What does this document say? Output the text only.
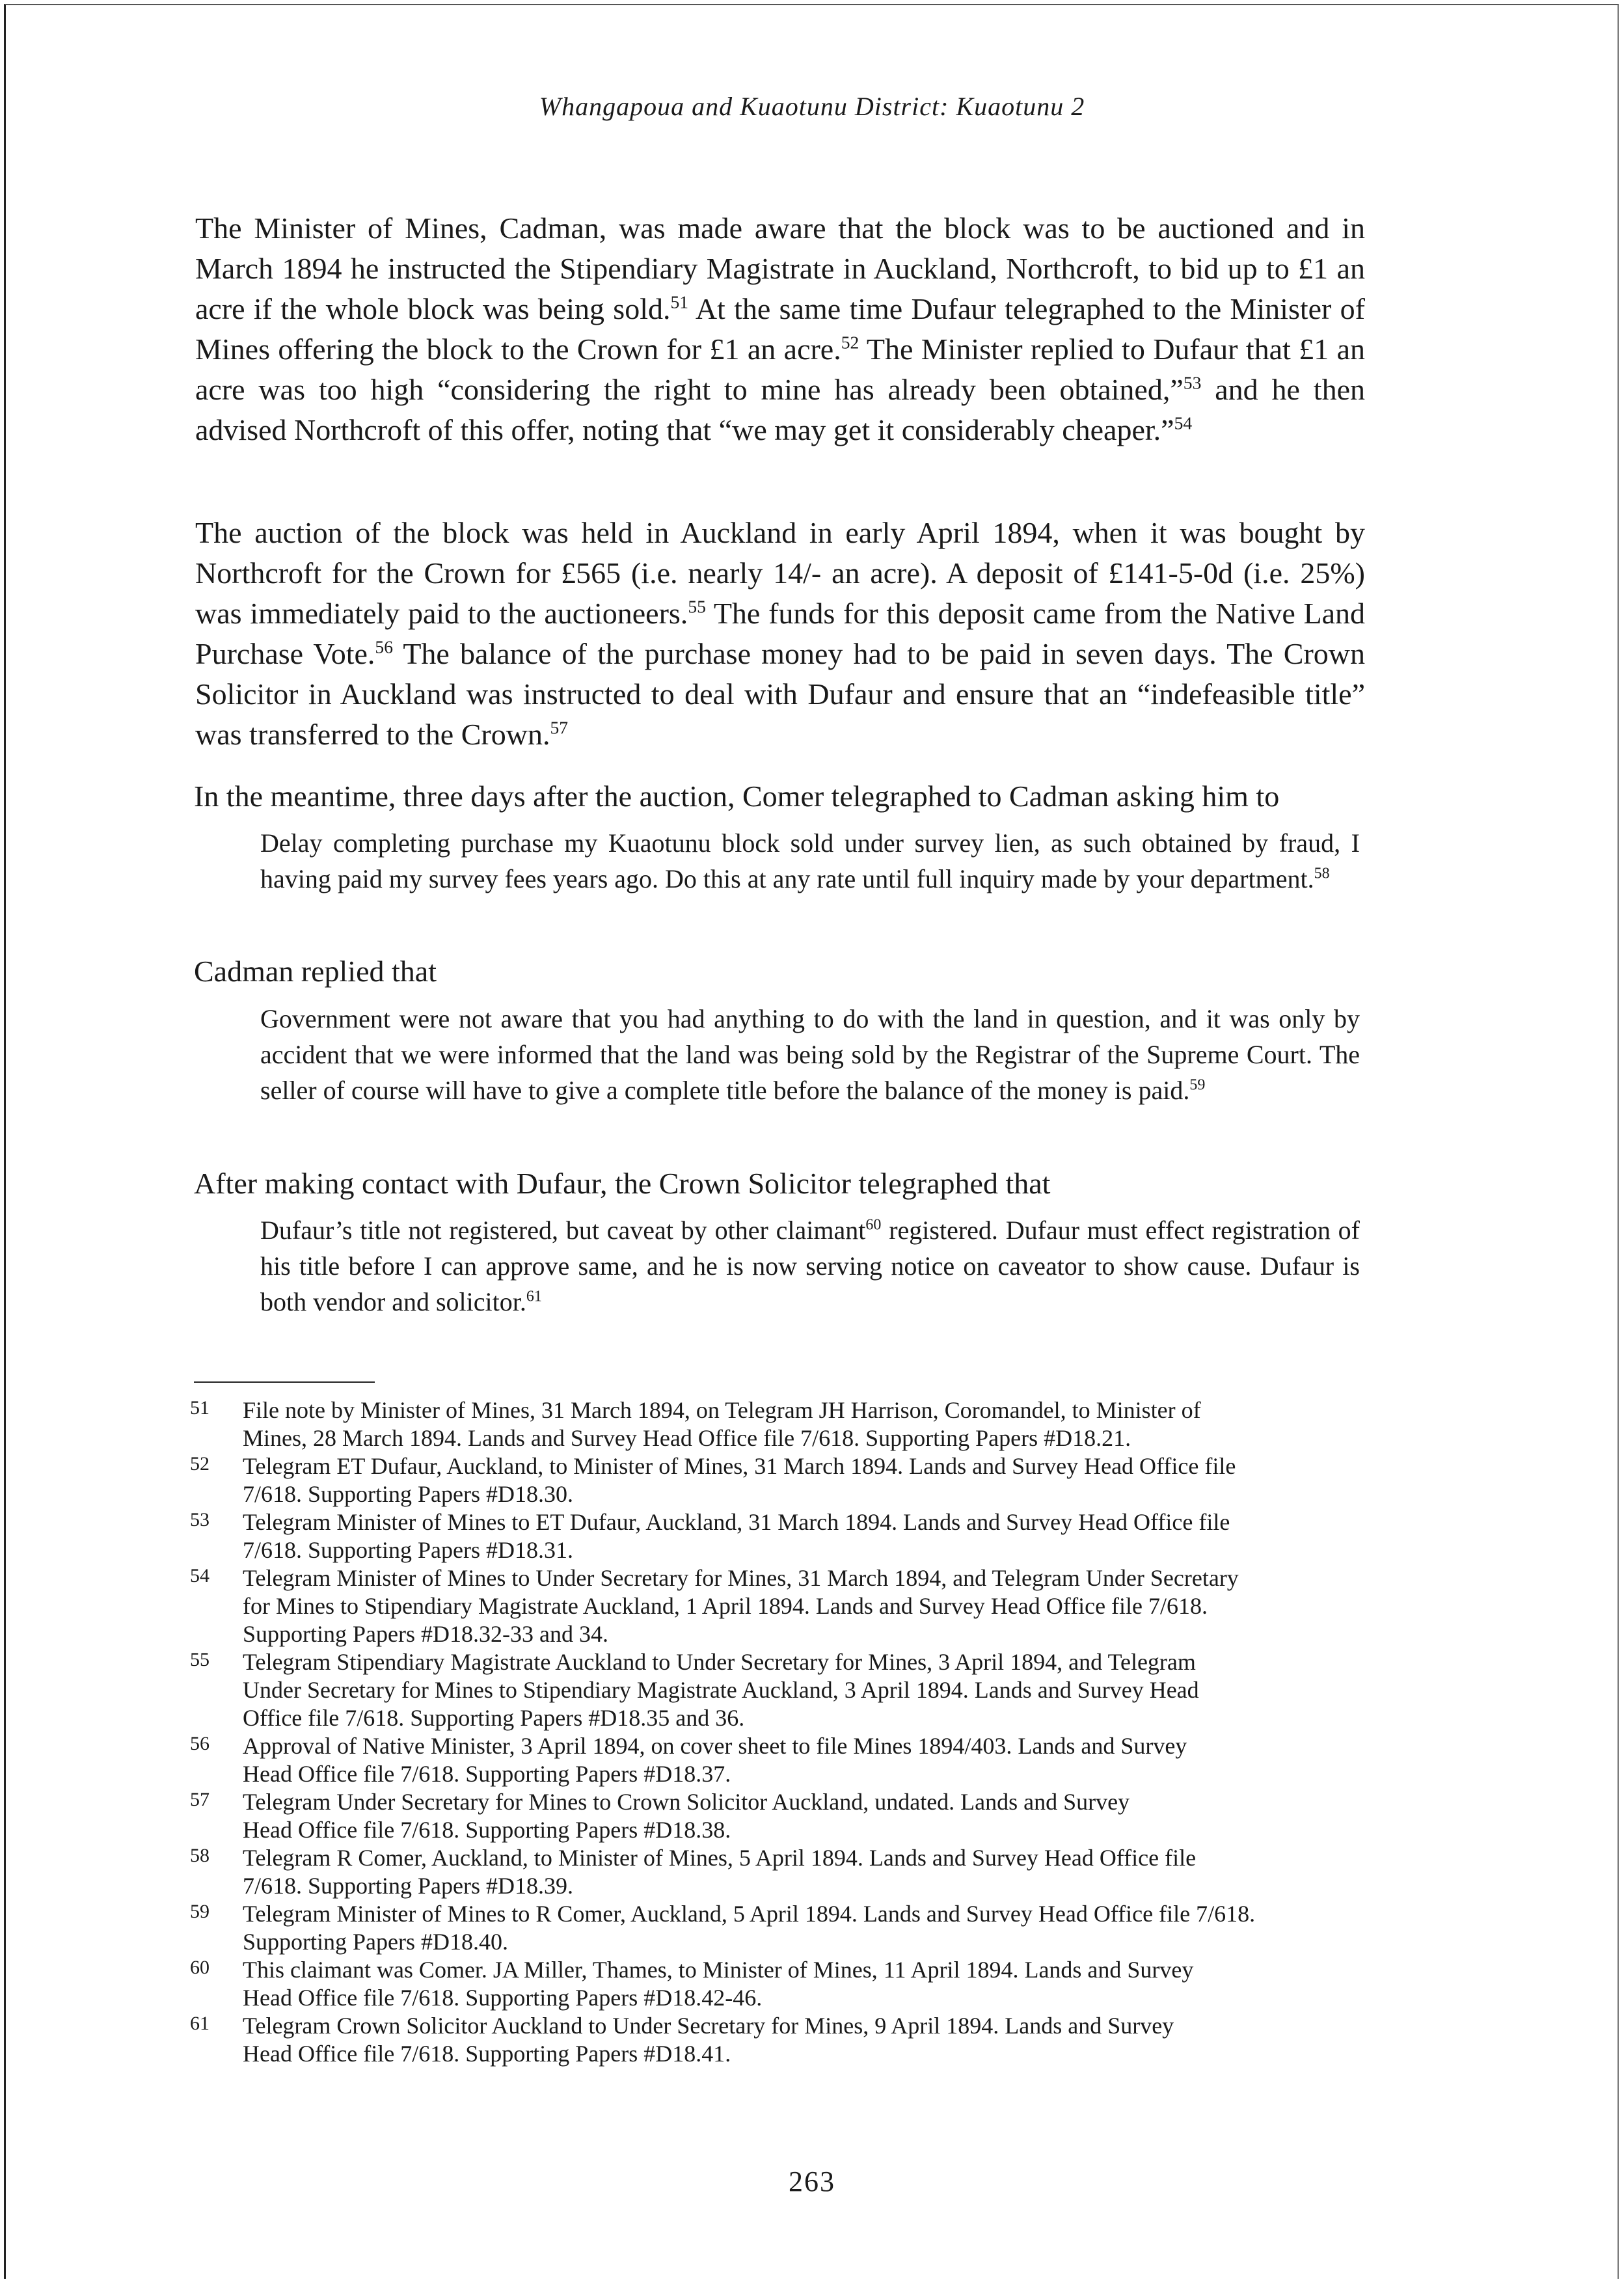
Whangapoua and Kuaotunu District: Kuaotunu 2

The Minister of Mines, Cadman, was made aware that the block was to be auctioned and in March 1894 he instructed the Stipendiary Magistrate in Auckland, Northcroft, to bid up to £1 an acre if the whole block was being sold.$^{51}$ At the same time Dufaur telegraphed to the Minister of Mines offering the block to the Crown for £1 an acre.$^{52}$ The Minister replied to Dufaur that £1 an acre was too high “considering the right to mine has already been obtained,”$^{53}$ and he then advised Northcroft of this offer, noting that “we may get it considerably cheaper.”$^{54}$

The auction of the block was held in Auckland in early April 1894, when it was bought by Northcroft for the Crown for £565 (i.e. nearly 14/- an acre). A deposit of £141-5-0d (i.e. 25%) was immediately paid to the auctioneers.$^{55}$ The funds for this deposit came from the Native Land Purchase Vote.$^{56}$ The balance of the purchase money had to be paid in seven days. The Crown Solicitor in Auckland was instructed to deal with Dufaur and ensure that an “indefeasible title” was transferred to the Crown.$^{57}$

In the meantime, three days after the auction, Comer telegraphed to Cadman asking him to

Delay completing purchase my Kuaotunu block sold under survey lien, as such obtained by fraud, I having paid my survey fees years ago. Do this at any rate until full inquiry made by your department.$^{58}$

Cadman replied that

Government were not aware that you had anything to do with the land in question, and it was only by accident that we were informed that the land was being sold by the Registrar of the Supreme Court. The seller of course will have to give a complete title before the balance of the money is paid.$^{59}$

After making contact with Dufaur, the Crown Solicitor telegraphed that

Dufaur’s title not registered, but caveat by other claimant$^{60}$ registered. Dufaur must effect registration of his title before I can approve same, and he is now serving notice on caveator to show cause. Dufaur is both vendor and solicitor.$^{61}$

51 File note by Minister of Mines, 31 March 1894, on Telegram JH Harrison, Coromandel, to Minister of
Mines, 28 March 1894. Lands and Survey Head Office file 7/618. Supporting Papers #D18.21.
52 Telegram ET Dufaur, Auckland, to Minister of Mines, 31 March 1894. Lands and Survey Head Office file
7/618. Supporting Papers #D18.30.
53 Telegram Minister of Mines to ET Dufaur, Auckland, 31 March 1894. Lands and Survey Head Office file
7/618. Supporting Papers #D18.31.
54 Telegram Minister of Mines to Under Secretary for Mines, 31 March 1894, and Telegram Under Secretary
for Mines to Stipendiary Magistrate Auckland, 1 April 1894. Lands and Survey Head Office file 7/618.
Supporting Papers #D18.32-33 and 34.
55 Telegram Stipendiary Magistrate Auckland to Under Secretary for Mines, 3 April 1894, and Telegram
Under Secretary for Mines to Stipendiary Magistrate Auckland, 3 April 1894. Lands and Survey Head
Office file 7/618. Supporting Papers #D18.35 and 36.
56 Approval of Native Minister, 3 April 1894, on cover sheet to file Mines 1894/403. Lands and Survey
Head Office file 7/618. Supporting Papers #D18.37.
57 Telegram Under Secretary for Mines to Crown Solicitor Auckland, undated. Lands and Survey
Head Office file 7/618. Supporting Papers #D18.38.
58 Telegram R Comer, Auckland, to Minister of Mines, 5 April 1894. Lands and Survey Head Office file
7/618. Supporting Papers #D18.39.
59 Telegram Minister of Mines to R Comer, Auckland, 5 April 1894. Lands and Survey Head Office file 7/618.
Supporting Papers #D18.40.
60 This claimant was Comer. JA Miller, Thames, to Minister of Mines, 11 April 1894. Lands and Survey
Head Office file 7/618. Supporting Papers #D18.42-46.
61 Telegram Crown Solicitor Auckland to Under Secretary for Mines, 9 April 1894. Lands and Survey
Head Office file 7/618. Supporting Papers #D18.41.
263
